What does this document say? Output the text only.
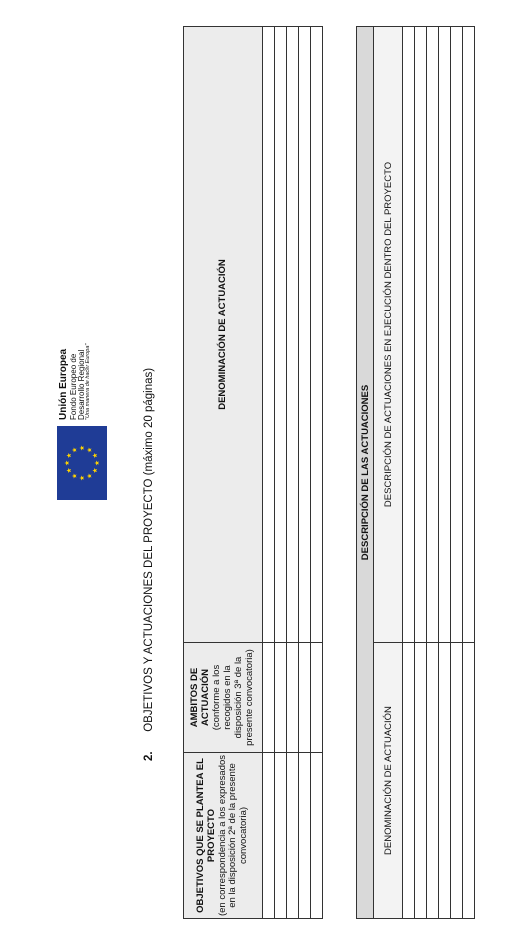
Unión Europea Fondo Europeo de Desarrollo Regional "Una manera de hacer Europa"
2. OBJETIVOS Y ACTUACIONES DEL PROYECTO (máximo 20 páginas)
OBJETIVOS QUE SE PLANTEA EL PROYECTO (en correspondencia a los expresados en la disposición 2ª de la presente convocatoria)	AMBITOS DE ACTUACIÓN (conforme a los recogidos en la disposición 3ª de la presente convocatoria)	DENOMINACIÓN DE ACTUACIÓN

DESCRIPCIÓN DE LAS ACTUACIONES	
DENOMINACIÓN DE ACTUACIÓN	DESCRIPCIÓN DE ACTUACIONES EN EJECUCIÓN DENTRO DEL PROYECTO
